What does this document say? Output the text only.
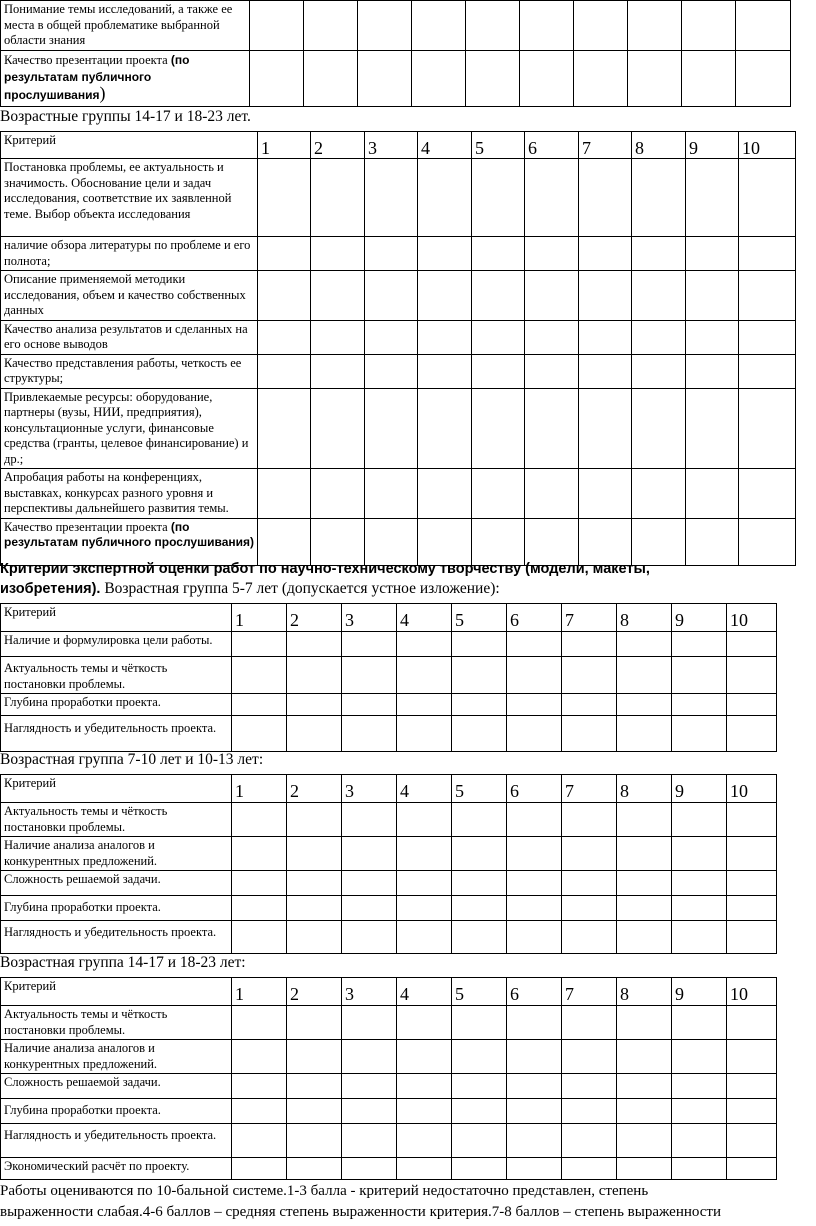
Понимание темы исследований, а также ее места в общей проблематике выбранной области знания										
Качество презентации проекта (по результатам публичного прослушивания)										
Возрастные группы 14-17 и 18-23 лет.
Критерий	1	2	3	4	5	6	7	8	9	10
Постановка проблемы, ее актуальность и значимость. Обоснование цели и задач исследования, соответствие их заявленной теме. Выбор объекта исследования										
наличие обзора литературы по проблеме и его полнота;										
Описание применяемой методики исследования, объем и качество собственных данных										
Качество анализа результатов и сделанных на его основе выводов										
Качество представления работы, четкость ее структуры;										
Привлекаемые ресурсы: оборудование, партнеры (вузы, НИИ, предприятия), консультационные услуги, финансовые средства (гранты, целевое финансирование) и др.;										
Апробация работы на конференциях, выставках, конкурсах разного уровня и перспективы дальнейшего развития темы.										
Качество презентации проекта (по результатам публичного прослушивания)										
Критерии экспертной оценки работ по научно-техническому творчеству (модели, макеты,
изобретения). Возрастная группа 5-7 лет (допускается устное изложение):
Критерий	1	2	3	4	5	6	7	8	9	10
Наличие и формулировка цели работы.										
Актуальность темы и чёткость постановки проблемы.										
Глубина проработки проекта.										
Наглядность и убедительность проекта.										
Возрастная группа 7-10 лет и 10-13 лет:
Критерий	1	2	3	4	5	6	7	8	9	10
Актуальность темы и чёткость постановки проблемы.										
Наличие анализа аналогов и конкурентных предложений.										
Сложность решаемой задачи.										
Глубина проработки проекта.										
Наглядность и убедительность проекта.										
Возрастная группа 14-17 и 18-23 лет:
Критерий	1	2	3	4	5	6	7	8	9	10
Актуальность темы и чёткость постановки проблемы.										
Наличие анализа аналогов и конкурентных предложений.										
Сложность решаемой задачи.										
Глубина проработки проекта.										
Наглядность и убедительность проекта.										
Экономический расчёт по проекту.										
Работы оцениваются по 10-бальной системе.1-3 балла - критерий недостаточно представлен, степень
выраженности слабая.4-6 баллов – средняя степень выраженности критерия.7-8 баллов – степень выраженности
